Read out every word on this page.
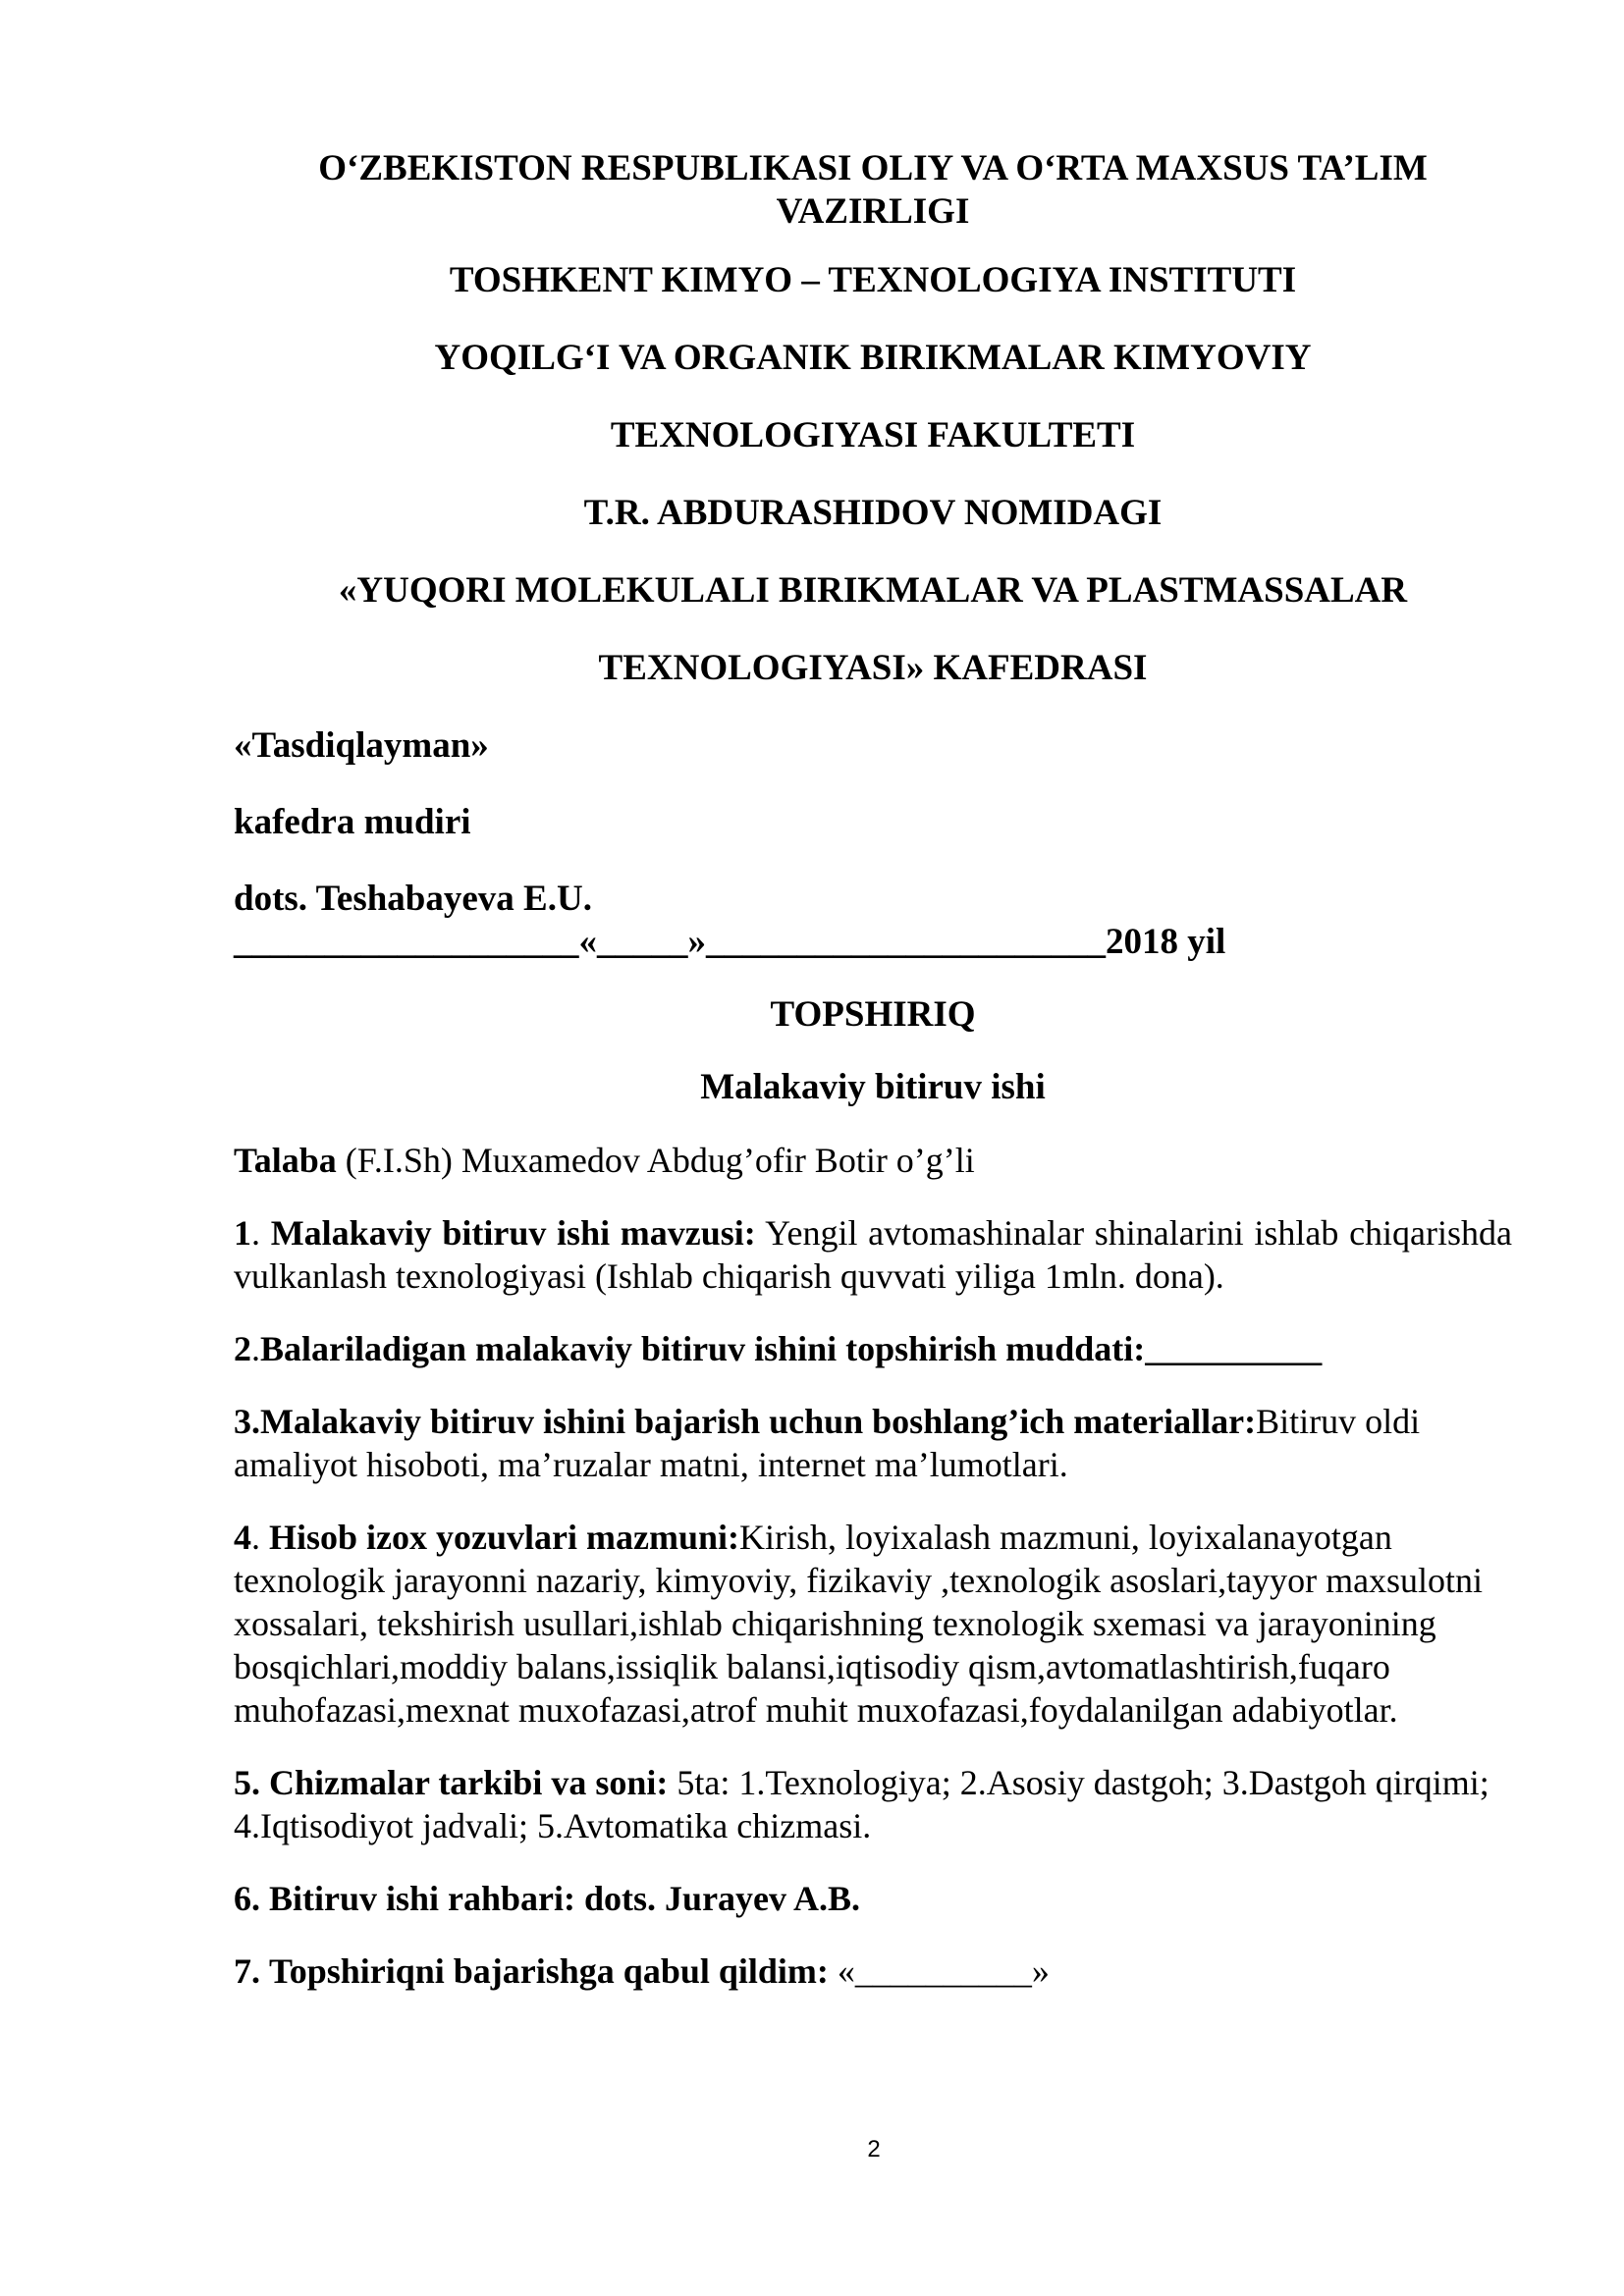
O‘ZBEKISTON RESPUBLIKASI OLIY VA O‘RTA MAXSUS TA’LIM VAZIRLIGI
TOSHKENT KIMYO – TEXNOLOGIYA INSTITUTI
YOQILG‘I VA ORGANIK BIRIKMALAR KIMYOVIY
TEXNOLOGIYASI FAKULTETI
T.R. ABDURASHIDOV NOMIDAGI
«YUQORI MOLEKULALI BIRIKMALAR VA PLASTMASSALAR
TEXNOLOGIYASI» KAFEDRASI
«Tasdiqlayman»
kafedra mudiri
dots. Teshabayeva E.U.
___________________«_____»______________________2018 yil
TOPSHIRIQ
Malakaviy bitiruv ishi
Talaba (F.I.Sh) Muxamedov Abdug’ofir Botir o’g’li
1. Malakaviy bitiruv ishi mavzusi: Yengil avtomashinalar shinalarini ishlab chiqarishda vulkanlash texnologiyasi (Ishlab chiqarish quvvati yiliga 1mln. dona).
2.Balariladigan malakaviy bitiruv ishini topshirish muddati:__________
3.Malakaviy bitiruv ishini bajarish uchun boshlang’ich materiallar:Bitiruv oldi amaliyot hisoboti, ma’ruzalar matni, internet ma’lumotlari.
4. Hisob izox yozuvlari mazmuni:Kirish, loyixalash mazmuni, loyixalanayotgan texnologik jarayonni nazariy, kimyoviy, fizikaviy ,texnologik asoslari,tayyor maxsulotni xossalari, tekshirish usullari,ishlab chiqarishning texnologik sxemasi va jarayonining bosqichlari,moddiy balans,issiqlik balansi,iqtisodiy qism,avtomatlashtirish,fuqaro muhofazasi,mexnat muxofazasi,atrof muhit muxofazasi,foydalanilgan adabiyotlar.
5. Chizmalar tarkibi va soni: 5ta: 1.Texnologiya; 2.Asosiy dastgoh; 3.Dastgoh qirqimi; 4.Iqtisodiyot jadvali; 5.Avtomatika chizmasi.
6. Bitiruv ishi rahbari: dots. Jurayev A.B.
7. Topshiriqni bajarishga qabul qildim: «__________»
2
